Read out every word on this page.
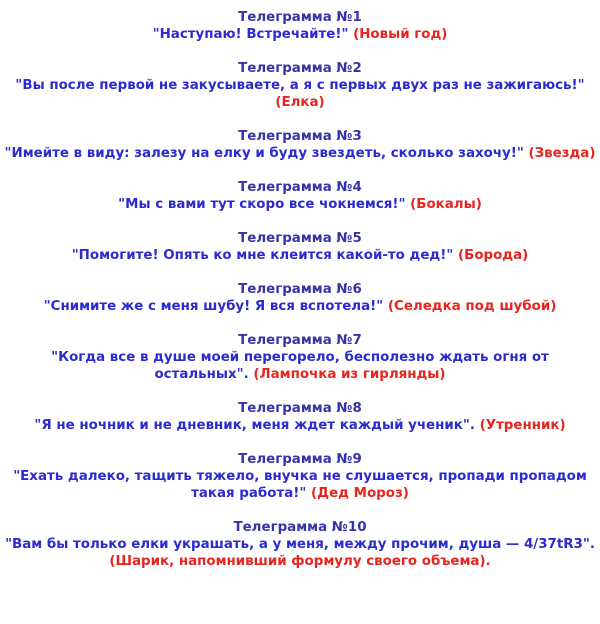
Телеграмма №1
"Наступаю! Встречайте!" (Новый год)
Телеграмма №2
"Вы после первой не закусываете, а я с первых двух раз не зажигаюсь!" (Елка)
Телеграмма №3
"Имейте в виду: залезу на елку и буду звездеть, сколько захочу!" (Звезда)
Телеграмма №4
"Мы с вами тут скоро все чокнемся!" (Бокалы)
Телеграмма №5
"Помогите! Опять ко мне клеится какой-то дед!" (Борода)
Телеграмма №6
"Снимите же с меня шубу! Я вся вспотела!" (Селедка под шубой)
Телеграмма №7
"Когда все в душе моей перегорело, бесполезно ждать огня от остальных". (Лампочка из гирлянды)
Телеграмма №8
"Я не ночник и не дневник, меня ждет каждый ученик". (Утренник)
Телеграмма №9
"Ехать далеко, тащить тяжело, внучка не слушается, пропади пропадом такая работа!" (Дед Мороз)
Телеграмма №10
"Вам бы только елки украшать, а у меня, между прочим, душа — 4/37tR3". (Шарик, напомнивший формулу своего объема).
